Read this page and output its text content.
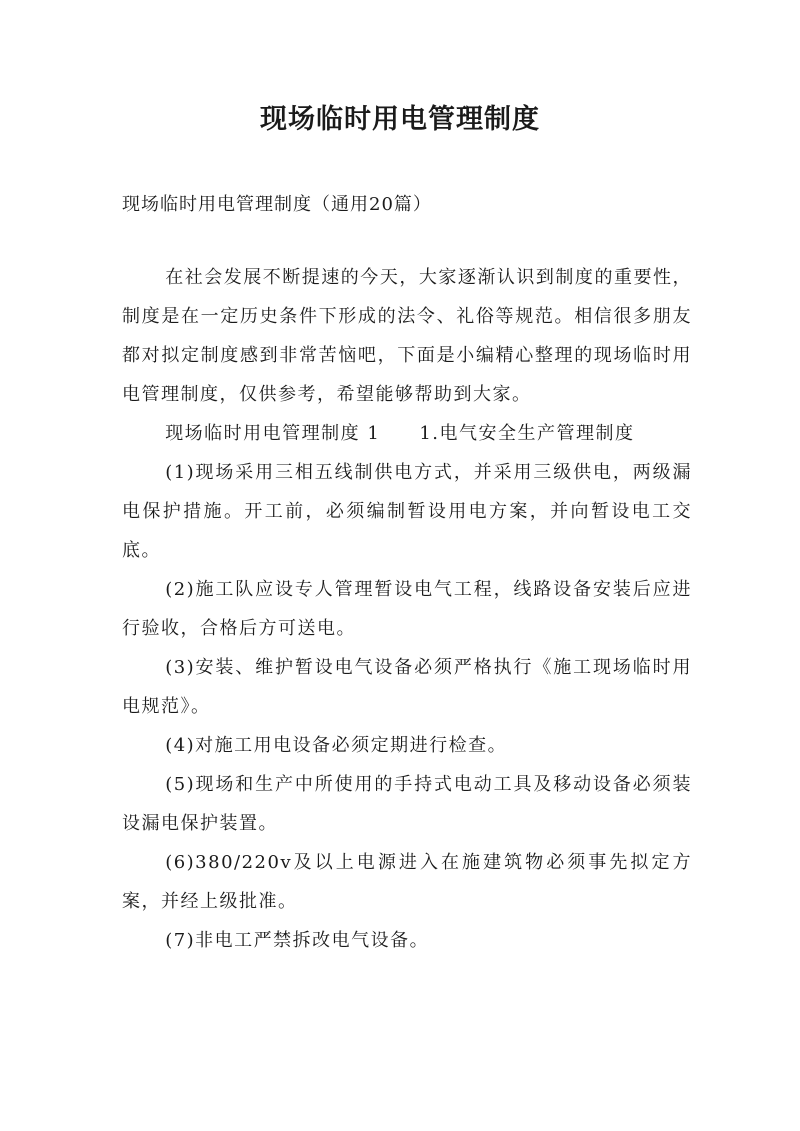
现场临时用电管理制度

现场临时用电管理制度（通用20篇）

在社会发展不断提速的今天，大家逐渐认识到制度的重要性，制度是在一定历史条件下形成的法令、礼俗等规范。相信很多朋友都对拟定制度感到非常苦恼吧，下面是小编精心整理的现场临时用电管理制度，仅供参考，希望能够帮助到大家。

现场临时用电管理制度 1　　1.电气安全生产管理制度

(1)现场采用三相五线制供电方式，并采用三级供电，两级漏电保护措施。开工前，必须编制暂设用电方案，并向暂设电工交底。

(2)施工队应设专人管理暂设电气工程，线路设备安装后应进行验收，合格后方可送电。

(3)安装、维护暂设电气设备必须严格执行《施工现场临时用电规范》。

(4)对施工用电设备必须定期进行检查。

(5)现场和生产中所使用的手持式电动工具及移动设备必须装设漏电保护装置。

(6)380/220v及以上电源进入在施建筑物必须事先拟定方案，并经上级批准。

(7)非电工严禁拆改电气设备。
